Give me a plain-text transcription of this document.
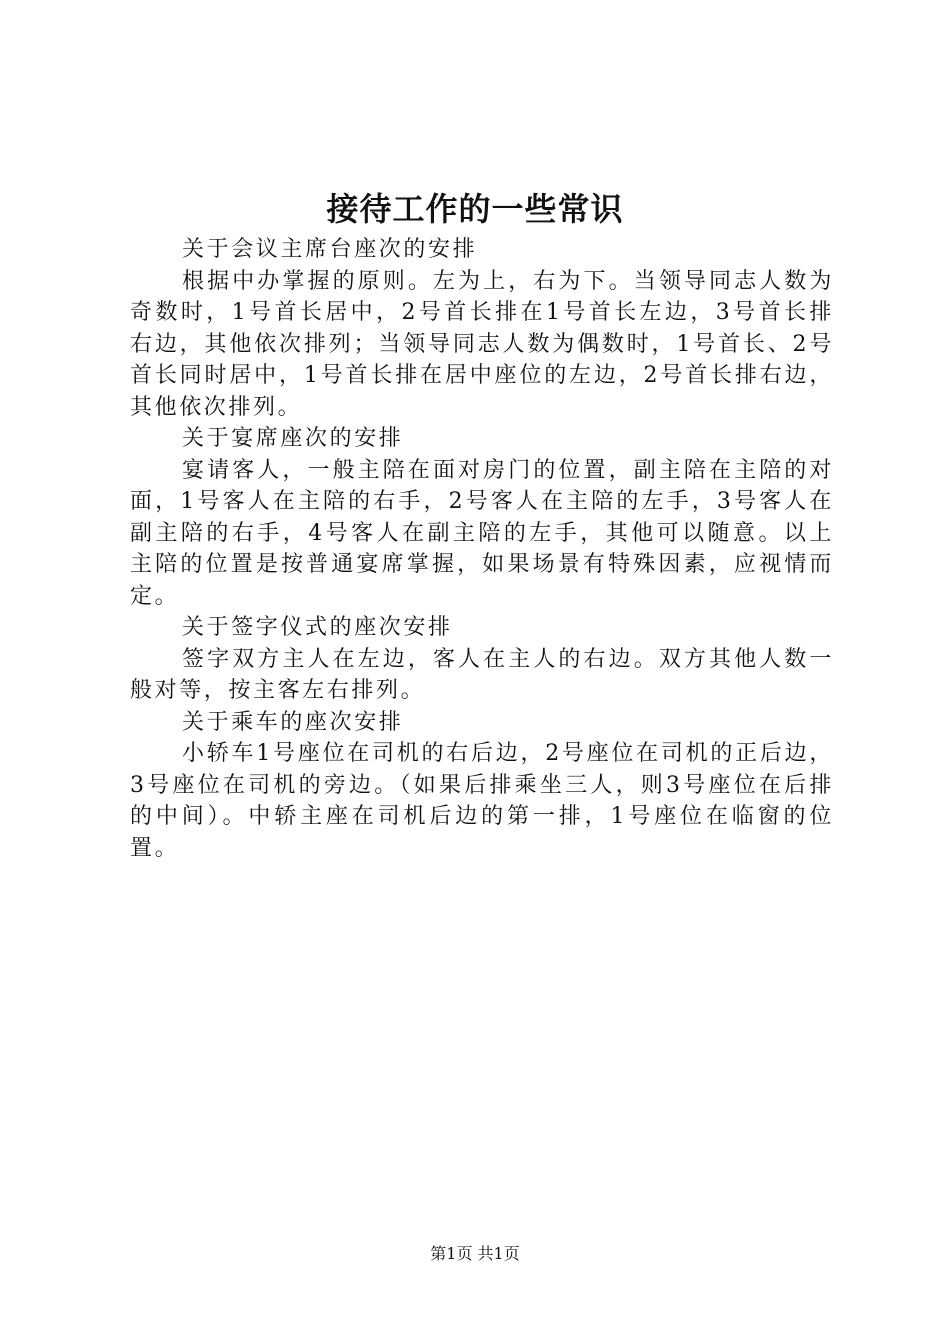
接待工作的一些常识

关于会议主席台座次的安排

根据中办掌握的原则。左为上，右为下。当领导同志人数为奇数时，1号首长居中，2号首长排在1号首长左边，3号首长排右边，其他依次排列；当领导同志人数为偶数时，1号首长、2号首长同时居中，1号首长排在居中座位的左边，2号首长排右边，其他依次排列。

关于宴席座次的安排

宴请客人，一般主陪在面对房门的位置，副主陪在主陪的对面，1号客人在主陪的右手，2号客人在主陪的左手，3号客人在副主陪的右手，4号客人在副主陪的左手，其他可以随意。以上主陪的位置是按普通宴席掌握，如果场景有特殊因素，应视情而定。

关于签字仪式的座次安排

签字双方主人在左边，客人在主人的右边。双方其他人数一般对等，按主客左右排列。

关于乘车的座次安排

小轿车1号座位在司机的右后边，2号座位在司机的正后边，3号座位在司机的旁边。（如果后排乘坐三人，则3号座位在后排的中间）。中轿主座在司机后边的第一排，1号座位在临窗的位置。

第1页 共1页
